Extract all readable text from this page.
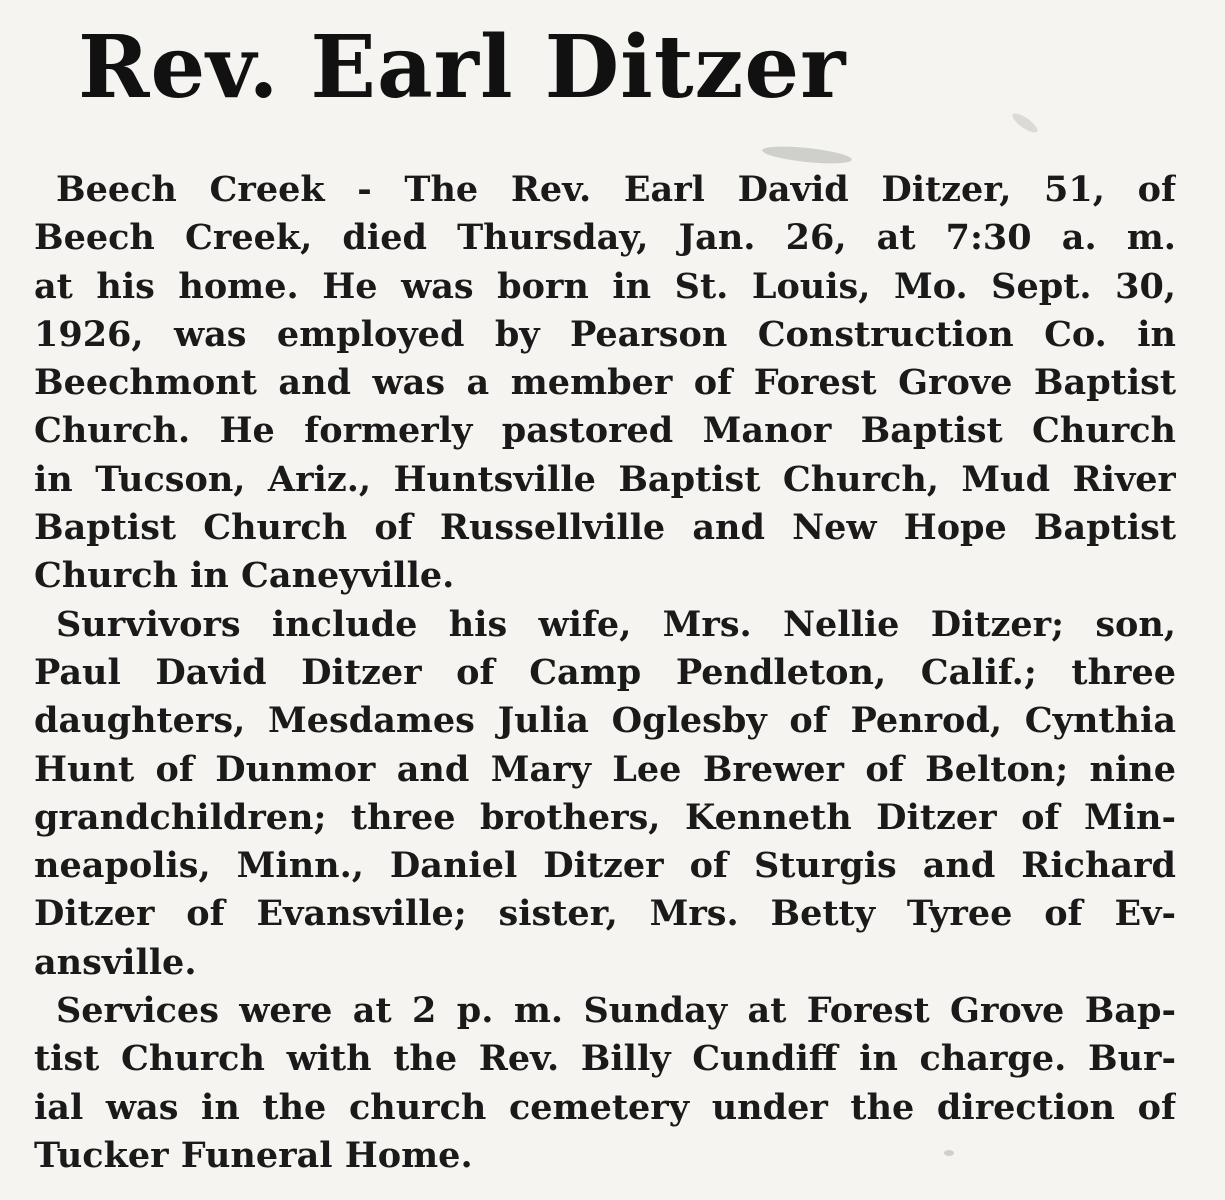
Rev. Earl Ditzer
Beech Creek - The Rev. Earl David Ditzer, 51, of
Beech Creek, died Thursday, Jan. 26, at 7:30 a. m.
at his home. He was born in St. Louis, Mo. Sept. 30,
1926, was employed by Pearson Construction Co. in
Beechmont and was a member of Forest Grove Baptist
Church. He formerly pastored Manor Baptist Church
in Tucson, Ariz., Huntsville Baptist Church, Mud River
Baptist Church of Russellville and New Hope Baptist
Church in Caneyville.
Survivors include his wife, Mrs. Nellie Ditzer; son,
Paul David Ditzer of Camp Pendleton, Calif.; three
daughters, Mesdames Julia Oglesby of Penrod, Cynthia
Hunt of Dunmor and Mary Lee Brewer of Belton; nine
grandchildren; three brothers, Kenneth Ditzer of Min-
neapolis, Minn., Daniel Ditzer of Sturgis and Richard
Ditzer of Evansville; sister, Mrs. Betty Tyree of Ev-
ansville.
Services were at 2 p. m. Sunday at Forest Grove Bap-
tist Church with the Rev. Billy Cundiff in charge. Bur-
ial was in the church cemetery under the direction of
Tucker Funeral Home.
